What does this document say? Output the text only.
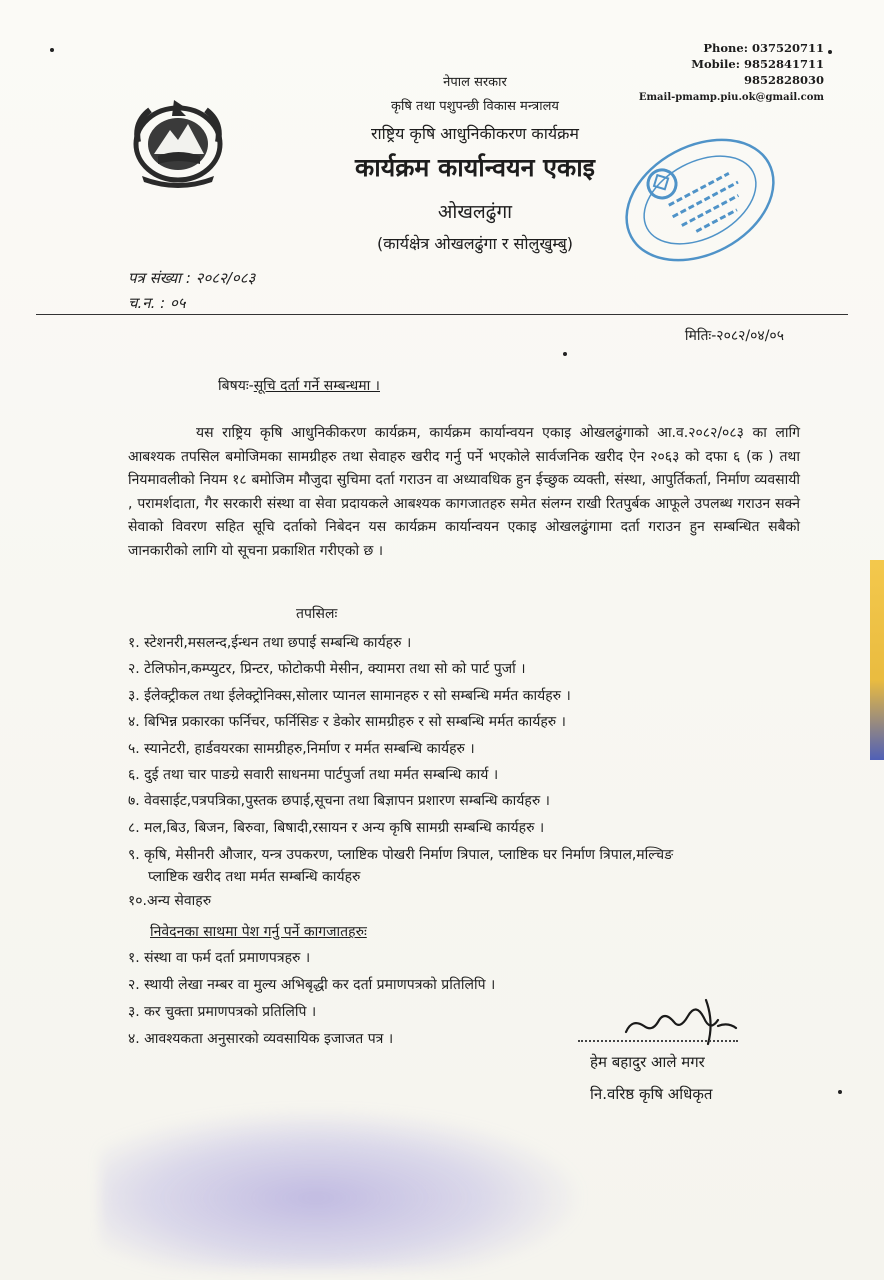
Phone: 037520711
Mobile: 9852841711
9852828030
Email-pmamp.piu.ok@gmail.com
नेपाल सरकार
कृषि तथा पशुपन्छी विकास मन्त्रालय
राष्ट्रिय कृषि आधुनिकीकरण कार्यक्रम
कार्यक्रम कार्यान्वयन एकाइ
ओखलढुंगा
(कार्यक्षेत्र ओखलढुंगा र सोलुखुम्बु)
पत्र संख्या : २०८२/०८३
च.न. : ०५
मितिः-२०८२/०४/०५
बिषयः-सूचि दर्ता गर्ने सम्बन्धमा ।
यस राष्ट्रिय कृषि आधुनिकीकरण कार्यक्रम, कार्यक्रम कार्यान्वयन एकाइ ओखलढुंगाको आ.व.२०८२/०८३ का लागि आबश्यक तपसिल बमोजिमका सामग्रीहरु तथा सेवाहरु खरीद गर्नु पर्ने भएकोले सार्वजनिक खरीद ऐन २०६३ को दफा ६ (क ) तथा नियमावलीको नियम १८ बमोजिम मौजुदा सुचिमा दर्ता गराउन वा अध्यावधिक हुन ईच्छुक व्यक्ती, संस्था, आपुर्तिकर्ता, निर्माण व्यवसायी , परामर्शदाता, गैर सरकारी संस्था वा सेवा प्रदायकले आबश्यक कागजातहरु समेत संलग्न राखी रितपुर्बक आफूले उपलब्ध गराउन सक्ने सेवाको विवरण सहित सूचि दर्ताको निबेदन यस कार्यक्रम कार्यान्वयन एकाइ ओखलढुंगामा दर्ता गराउन हुन सम्बन्धित सबैको जानकारीको लागि यो सूचना प्रकाशित गरीएको छ ।
तपसिलः
१. स्टेशनरी,मसलन्द,ईन्धन तथा छपाई सम्बन्धि कार्यहरु ।
२. टेलिफोन,कम्प्युटर, प्रिन्टर, फोटोकपी मेसीन, क्यामरा तथा सो को पार्ट पुर्जा ।
३. ईलेक्ट्रीकल तथा ईलेक्ट्रोनिक्स,सोलार प्यानल सामानहरु र सो सम्बन्धि मर्मत कार्यहरु ।
४. बिभिन्न प्रकारका फर्निचर, फर्निसिङ र डेकोर सामग्रीहरु र सो सम्बन्धि मर्मत कार्यहरु ।
५. स्यानेटरी, हार्डवयरका सामग्रीहरु,निर्माण र मर्मत सम्बन्धि कार्यहरु ।
६. दुई तथा चार पाङग्रे सवारी साधनमा पार्टपुर्जा तथा मर्मत सम्बन्धि कार्य ।
७. वेवसाईट,पत्रपत्रिका,पुस्तक छपाई,सूचना तथा बिज्ञापन प्रशारण सम्बन्धि कार्यहरु ।
८. मल,बिउ, बिजन, बिरुवा, बिषादी,रसायन र अन्य कृषि सामग्री सम्बन्धि कार्यहरु ।
९. कृषि, मेसीनरी औजार, यन्त्र उपकरण, प्लाष्टिक पोखरी निर्माण त्रिपाल, प्लाष्टिक घर निर्माण त्रिपाल,मल्चिङ
प्लाष्टिक खरीद तथा मर्मत सम्बन्धि कार्यहरु
१०.अन्य सेवाहरु
निवेदनका साथमा पेश गर्नु पर्ने कागजातहरुः
१. संस्था वा फर्म दर्ता प्रमाणपत्रहरु ।
२. स्थायी लेखा नम्बर वा मुल्य अभिबृद्धी कर दर्ता प्रमाणपत्रको प्रतिलिपि ।
३. कर चुक्ता प्रमाणपत्रको प्रतिलिपि ।
४. आवश्यकता अनुसारको व्यवसायिक इजाजत पत्र ।
हेम बहादुर आले मगर
नि.वरिष्ठ कृषि अधिकृत
